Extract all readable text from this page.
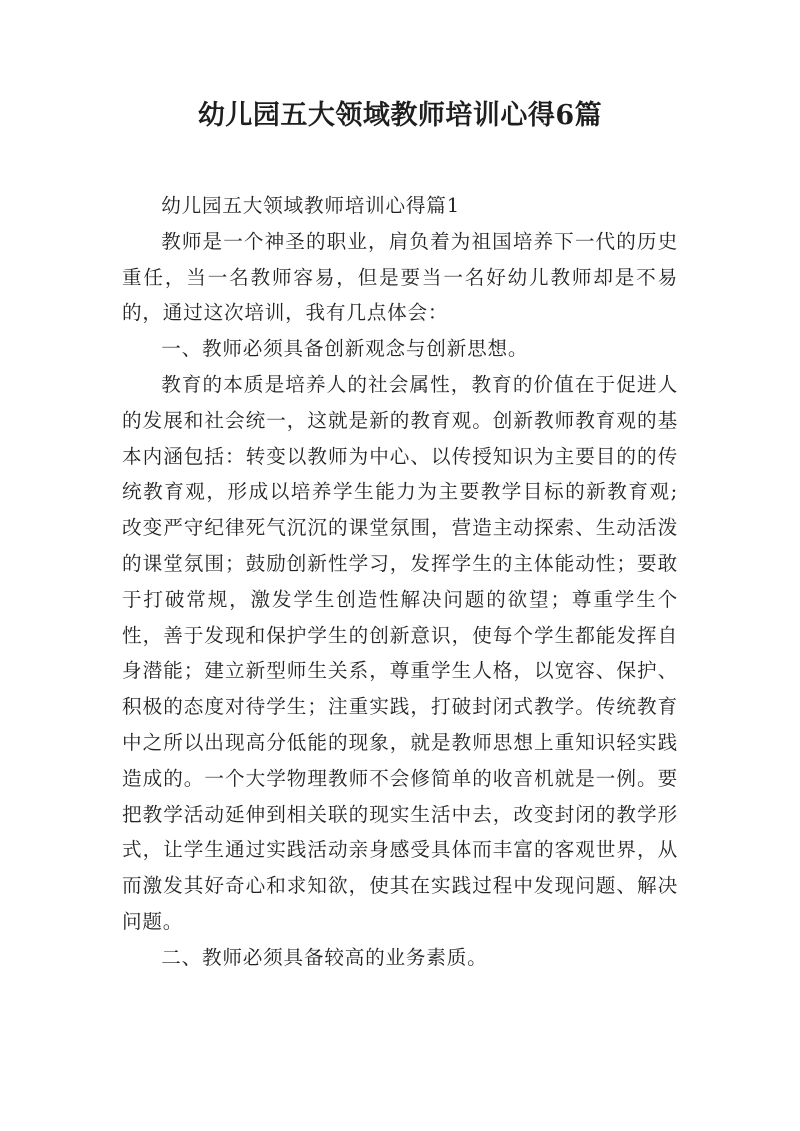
幼儿园五大领域教师培训心得6篇

幼儿园五大领域教师培训心得篇1

教师是一个神圣的职业，肩负着为祖国培养下一代的历史重任，当一名教师容易，但是要当一名好幼儿教师却是不易的，通过这次培训，我有几点体会：

一、教师必须具备创新观念与创新思想。

教育的本质是培养人的社会属性，教育的价值在于促进人的发展和社会统一，这就是新的教育观。创新教师教育观的基本内涵包括：转变以教师为中心、以传授知识为主要目的的传统教育观，形成以培养学生能力为主要教学目标的新教育观;改变严守纪律死气沉沉的课堂氛围，营造主动探索、生动活泼的课堂氛围；鼓励创新性学习，发挥学生的主体能动性；要敢于打破常规，激发学生创造性解决问题的欲望；尊重学生个性，善于发现和保护学生的创新意识，使每个学生都能发挥自身潜能；建立新型师生关系，尊重学生人格，以宽容、保护、积极的态度对待学生；注重实践，打破封闭式教学。传统教育中之所以出现高分低能的现象，就是教师思想上重知识轻实践造成的。一个大学物理教师不会修简单的收音机就是一例。要把教学活动延伸到相关联的现实生活中去，改变封闭的教学形式，让学生通过实践活动亲身感受具体而丰富的客观世界，从而激发其好奇心和求知欲，使其在实践过程中发现问题、解决问题。

二、教师必须具备较高的业务素质。
